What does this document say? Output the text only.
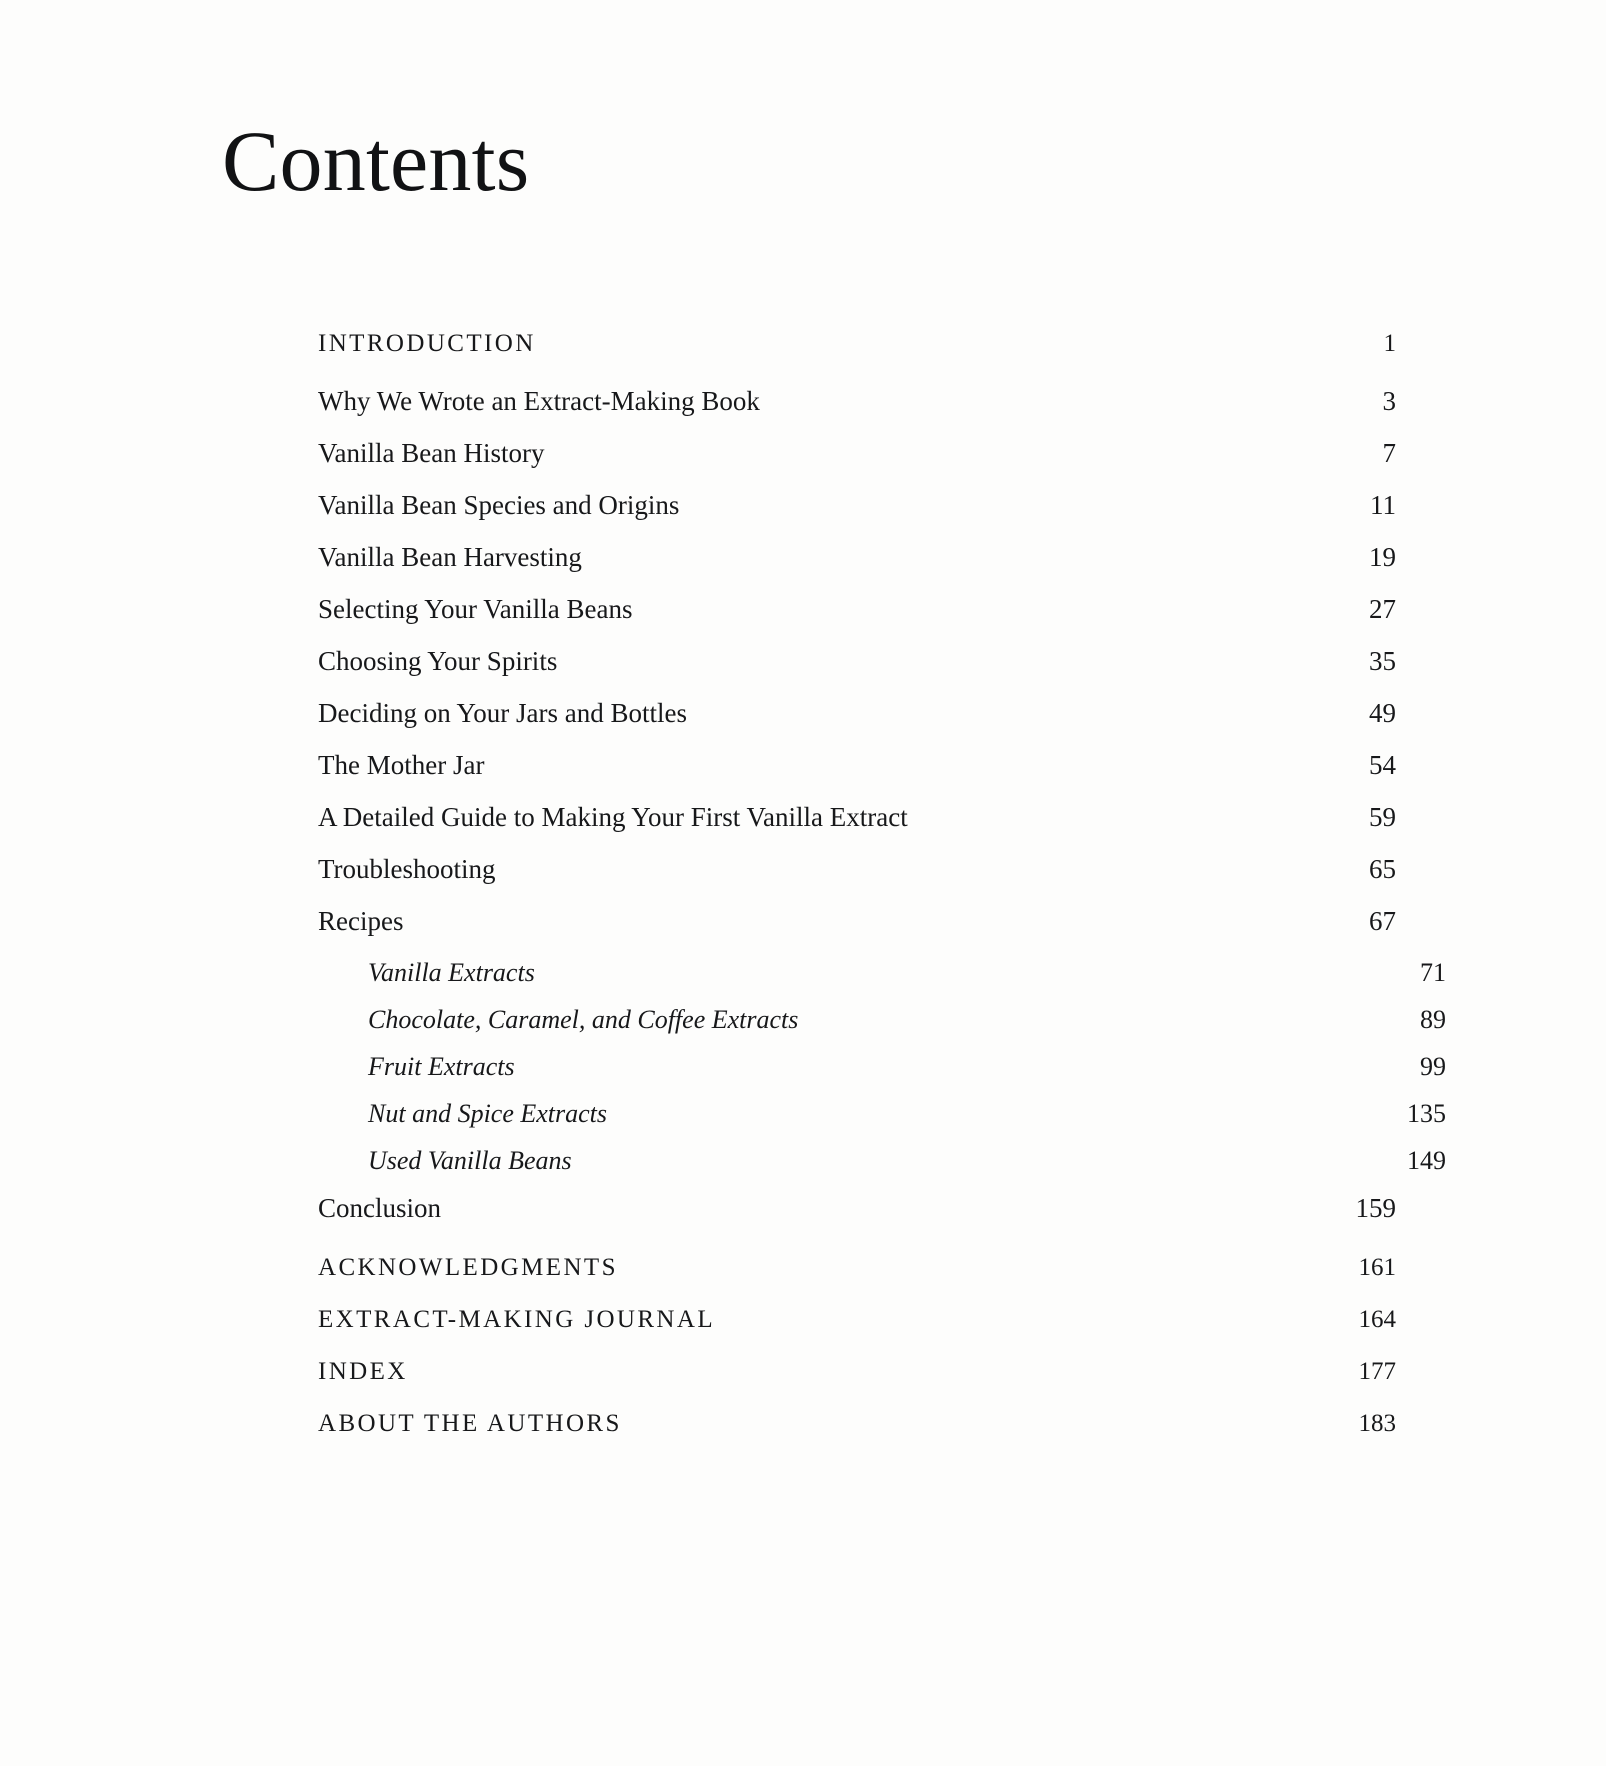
Contents
INTRODUCTION .....	1
Why We Wrote an Extract-Making Book .....	3
Vanilla Bean History .....	7
Vanilla Bean Species and Origins .....	11
Vanilla Bean Harvesting .....	19
Selecting Your Vanilla Beans .....	27
Choosing Your Spirits .....	35
Deciding on Your Jars and Bottles .....	49
The Mother Jar .....	54
A Detailed Guide to Making Your First Vanilla Extract .....	59
Troubleshooting .....	65
Recipes .....	67
Vanilla Extracts .....	71
Chocolate, Caramel, and Coffee Extracts .....	89
Fruit Extracts .....	99
Nut and Spice Extracts .....	135
Used Vanilla Beans .....	149
Conclusion .....	159
ACKNOWLEDGMENTS .....	161
EXTRACT-MAKING JOURNAL .....	164
INDEX .....	177
ABOUT THE AUTHORS .....	183
